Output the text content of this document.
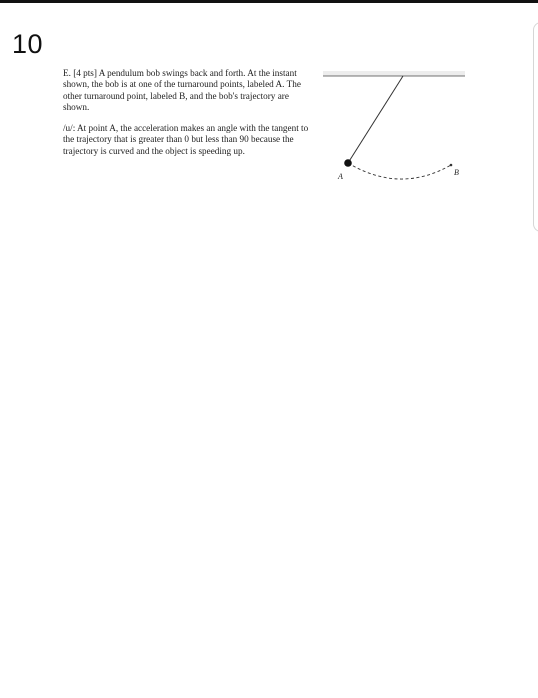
10

E. [4 pts] A pendulum bob swings back and forth. At the instant shown, the bob is at one of the turnaround points, labeled A. The other turnaround point, labeled B, and the bob's trajectory are shown.

/u/: At point A, the acceleration makes an angle with the tangent to the trajectory that is greater than 0 but less than 90 because the trajectory is curved and the object is speeding up.

A	B
